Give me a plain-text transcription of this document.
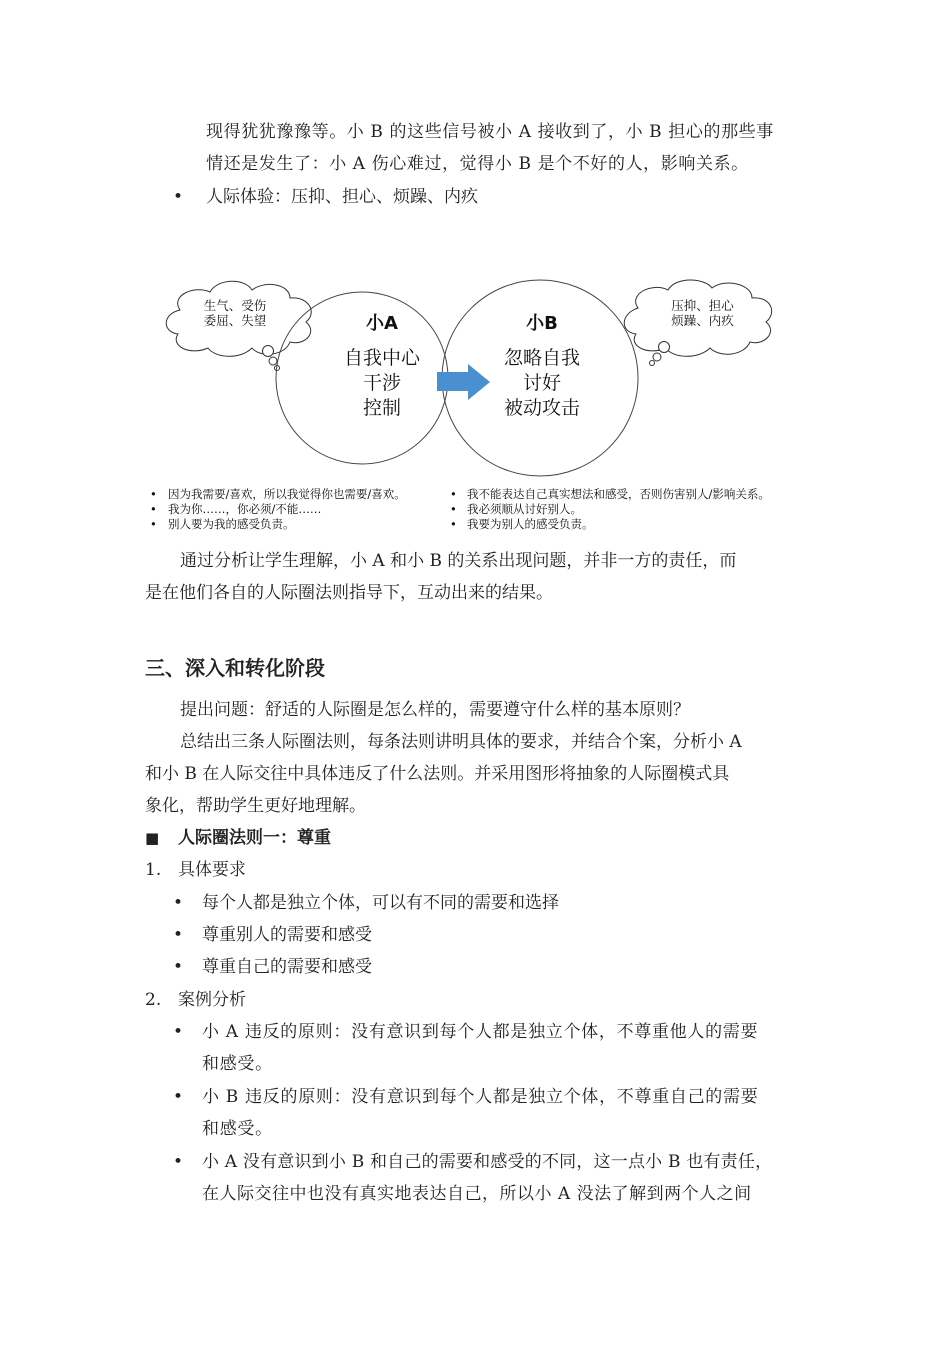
现得犹犹豫豫等。小 B 的这些信号被小 A 接收到了，小 B 担心的那些事
情还是发生了：小 A 伤心难过，觉得小 B 是个不好的人，影响关系。
• 人际体验：压抑、担心、烦躁、内疚
生气、受伤
委屈、失望
压抑、担心
烦躁、内疚
小A
自我中心
干涉
控制
小B
忽略自我
讨好
被动攻击
• 因为我需要/喜欢，所以我觉得你也需要/喜欢。
• 我为你……，你必须/不能……
• 别人要为我的感受负责。
• 我不能表达自己真实想法和感受，否则伤害别人/影响关系。
• 我必须顺从讨好别人。
• 我要为别人的感受负责。
通过分析让学生理解，小 A 和小 B 的关系出现问题，并非一方的责任，而
是在他们各自的人际圈法则指导下，互动出来的结果。
三、深入和转化阶段
提出问题：舒适的人际圈是怎么样的，需要遵守什么样的基本原则？
总结出三条人际圈法则，每条法则讲明具体的要求，并结合个案，分析小 A
和小 B 在人际交往中具体违反了什么法则。并采用图形将抽象的人际圈模式具
象化，帮助学生更好地理解。
■ 人际圈法则一：尊重
1. 具体要求
• 每个人都是独立个体，可以有不同的需要和选择
• 尊重别人的需要和感受
• 尊重自己的需要和感受
2. 案例分析
• 小 A 违反的原则：没有意识到每个人都是独立个体，不尊重他人的需要
和感受。
• 小 B 违反的原则：没有意识到每个人都是独立个体，不尊重自己的需要
和感受。
• 小 A 没有意识到小 B 和自己的需要和感受的不同，这一点小 B 也有责任，
在人际交往中也没有真实地表达自己，所以小 A 没法了解到两个人之间
